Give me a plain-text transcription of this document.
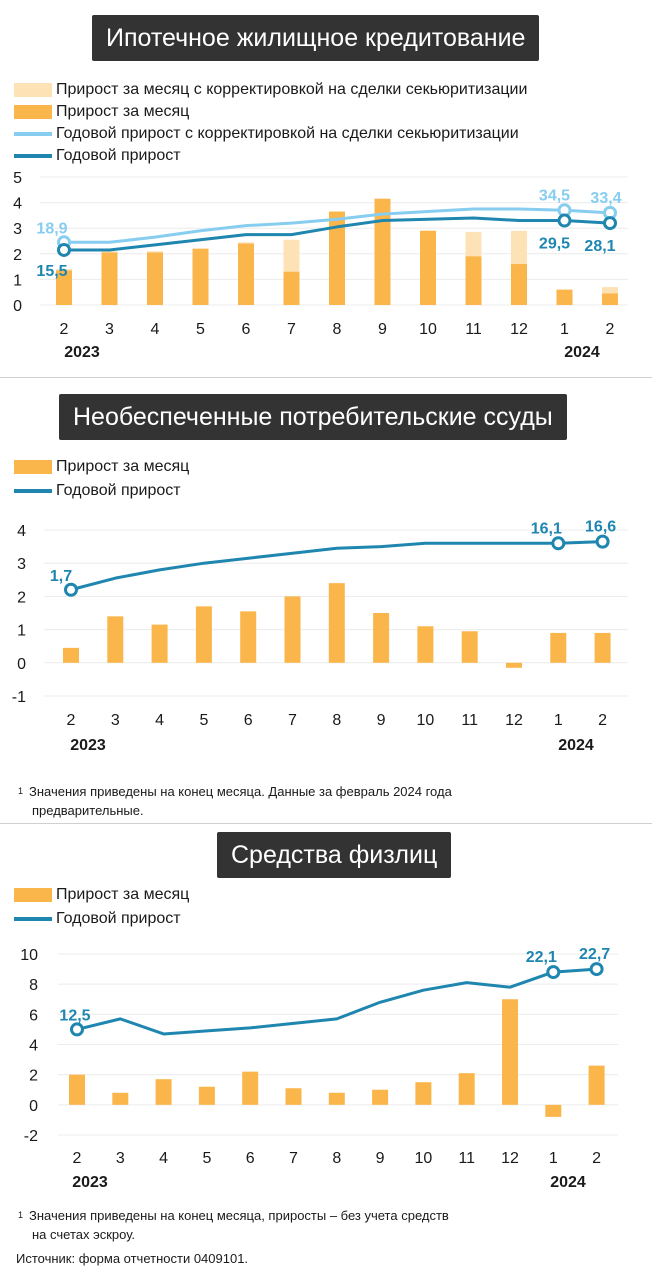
Ипотечное жилищное кредитование
Прирост за месяц с корректировкой на сделки секьюритизации
Прирост за месяц
Годовой прирост с корректировкой на сделки секьюритизации
Годовой прирост
0
1
2
3
4
5
18,9
15,5
34,5 33,4
29,5 28,1
2 3 4 5 6 7 8 9 10 11 12 1 2
2023	2024
Необеспеченные потребительские ссуды
Прирост за месяц
Годовой прирост
-1
0
1
2
3
4
1,7
16,1 16,6
2 3 4 5 6 7 8 9 10 11 12 1 2
2023	2024
$^1$ Значения приведены на конец месяца. Данные за февраль 2024 года
предварительные.
Средства физлиц
Прирост за месяц
Годовой прирост
-2
0
2
4
6
8
10
12,5
22,1 22,7
2 3 4 5 6 7 8 9 10 11 12 1 2
2023	2024
$^1$ Значения приведены на конец месяца, приросты – без учета средств
на счетах эскроу.
Источник: форма отчетности 0409101.
